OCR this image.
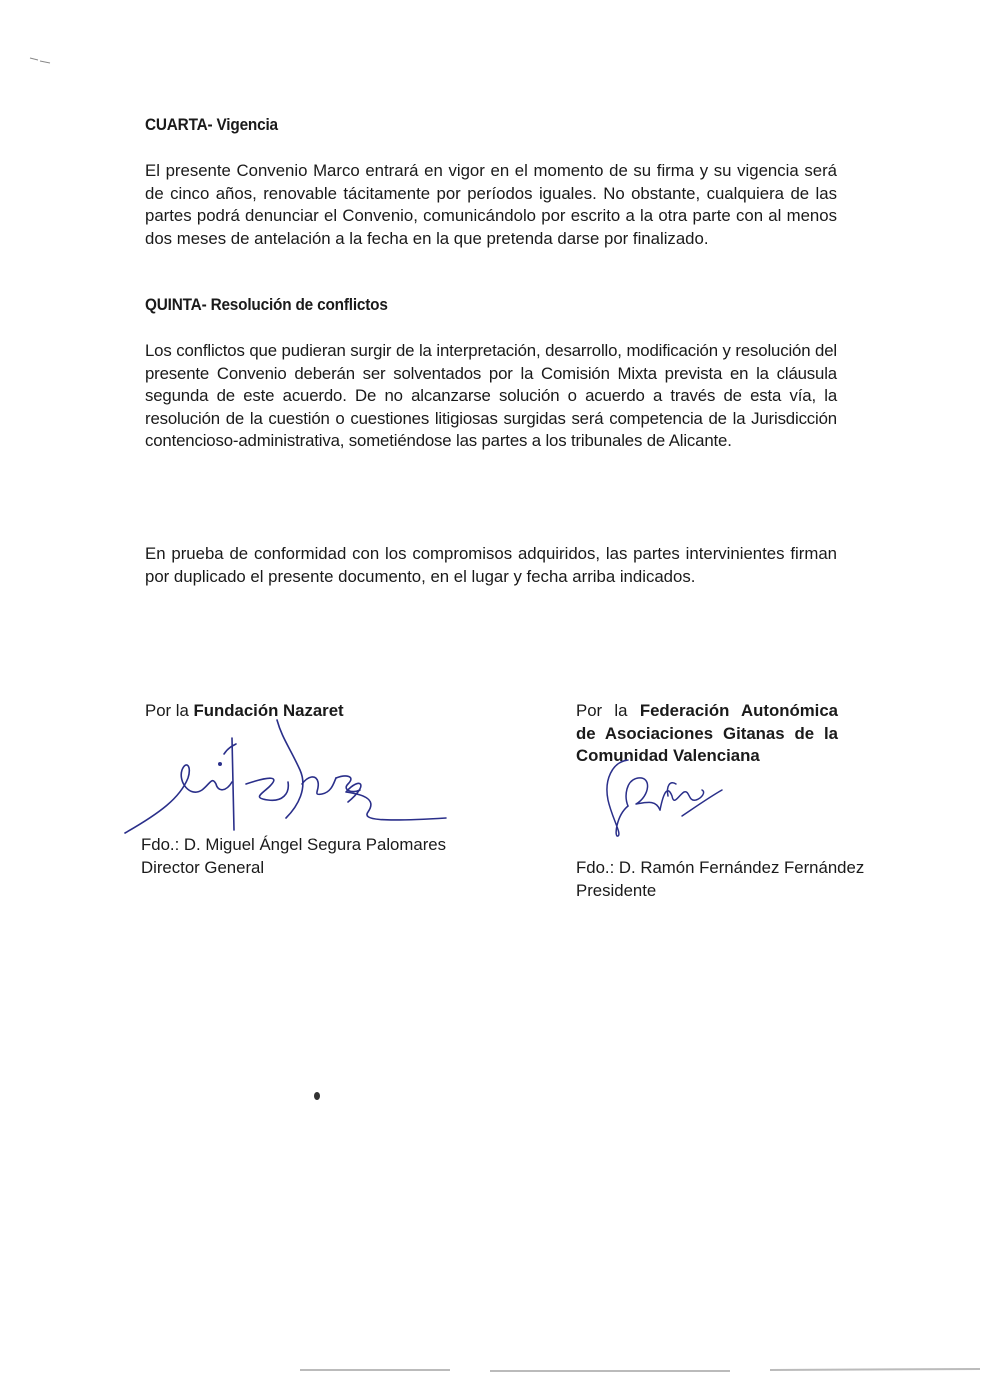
CUARTA- Vigencia
El presente Convenio Marco entrará en vigor en el momento de su firma y su vigencia será de cinco años, renovable tácitamente por períodos iguales. No obstante, cualquiera de las partes podrá denunciar el Convenio, comunicándolo por escrito a la otra parte con al menos dos meses de antelación a la fecha en la que pretenda darse por finalizado.
QUINTA- Resolución de conflictos
Los conflictos que pudieran surgir de la interpretación, desarrollo, modificación y resolución del presente Convenio deberán ser solventados por la Comisión Mixta prevista en la cláusula segunda de este acuerdo. De no alcanzarse solución o acuerdo a través de esta vía, la resolución de la cuestión o cuestiones litigiosas surgidas será competencia de la Jurisdicción contencioso-administrativa, sometiéndose las partes a los tribunales de Alicante.
En prueba de conformidad con los compromisos adquiridos, las partes intervinientes firman por duplicado el presente documento, en el lugar y fecha arriba indicados.
Por la Fundación Nazaret
Fdo.: D. Miguel Ángel Segura Palomares
Director General
Por la Federación Autonómica de Asociaciones Gitanas de la Comunidad Valenciana
Fdo.: D. Ramón Fernández Fernández
Presidente
